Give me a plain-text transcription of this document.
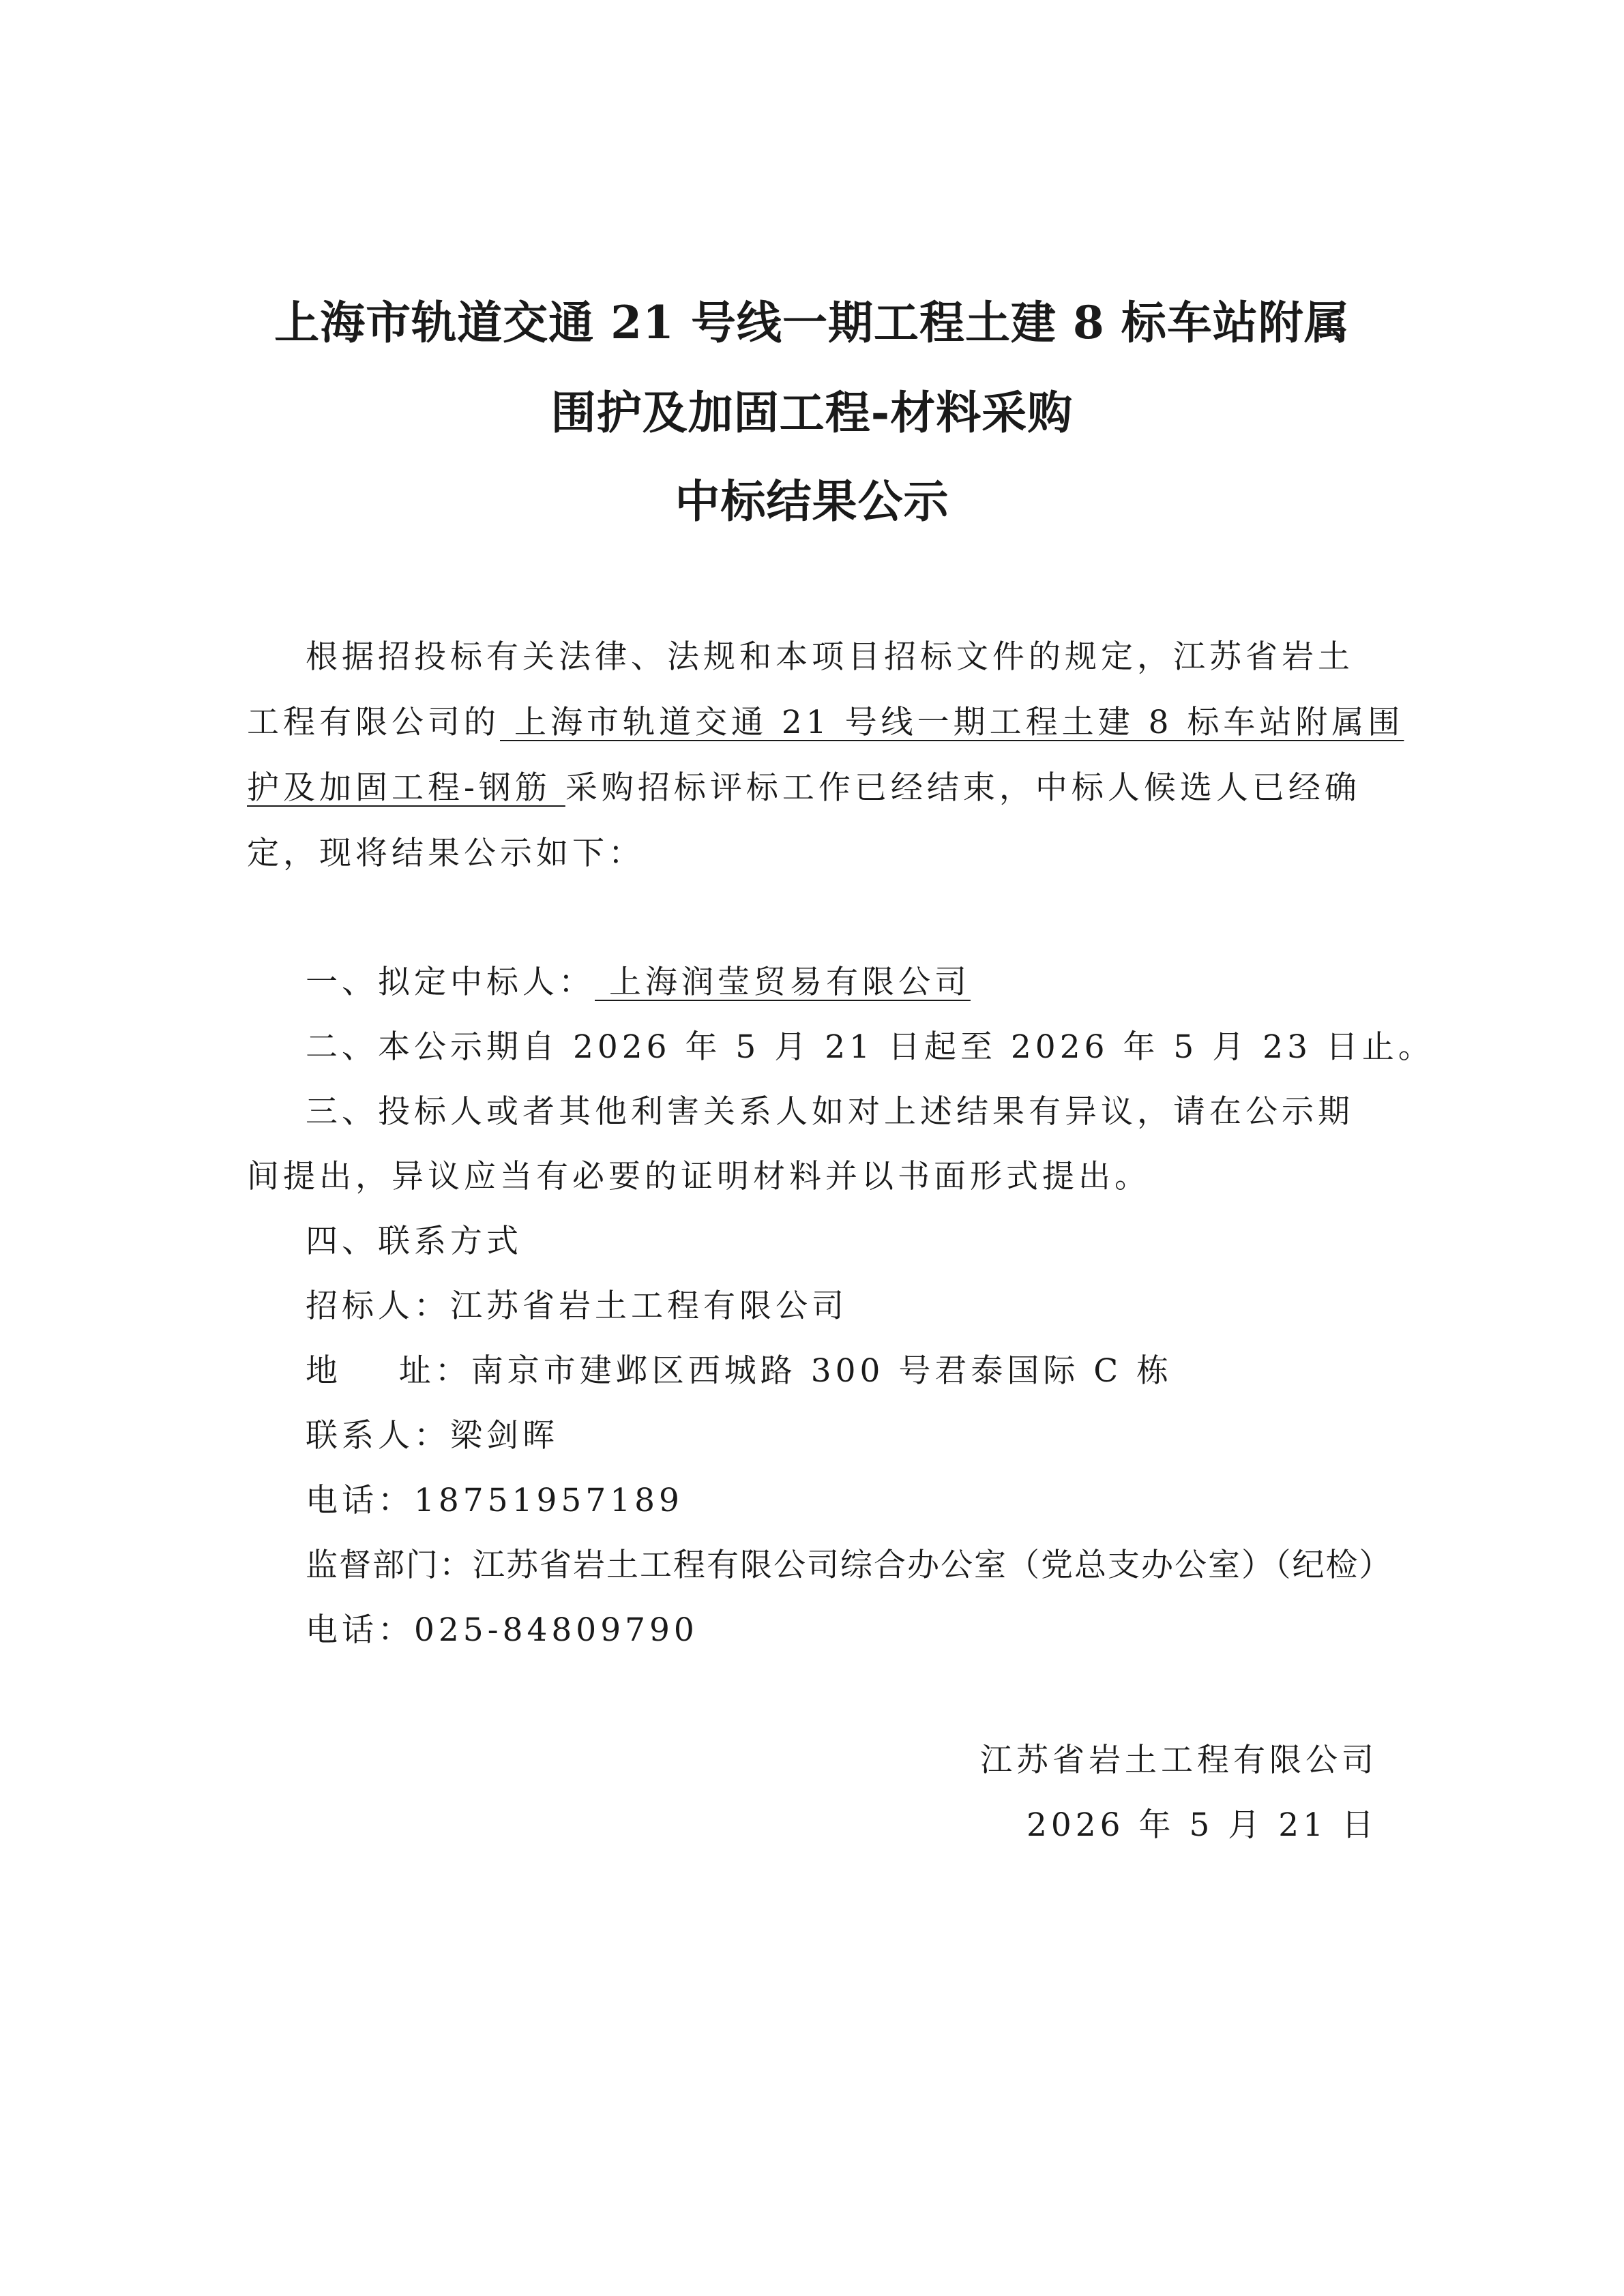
上海市轨道交通 21 号线一期工程土建 8 标车站附属
围护及加固工程-材料采购
中标结果公示
根据招投标有关法律、法规和本项目招标文件的规定，江苏省岩土
工程有限公司的 上海市轨道交通 21 号线一期工程土建 8 标车站附属围
护及加固工程-钢筋 采购招标评标工作已经结束，中标人候选人已经确
定，现将结果公示如下：
一、拟定中标人： 上海润莹贸易有限公司
二、本公示期自 2026 年 5 月 21 日起至 2026 年 5 月 23 日止。
三、投标人或者其他利害关系人如对上述结果有异议，请在公示期
间提出，异议应当有必要的证明材料并以书面形式提出。
四、联系方式
招标人：江苏省岩土工程有限公司
地    址：南京市建邺区西城路 300 号君泰国际 C 栋
联系人：梁剑晖
电话：18751957189
监督部门：江苏省岩土工程有限公司综合办公室（党总支办公室）（纪检）
电话：025-84809790
江苏省岩土工程有限公司
2026 年 5 月 21 日
